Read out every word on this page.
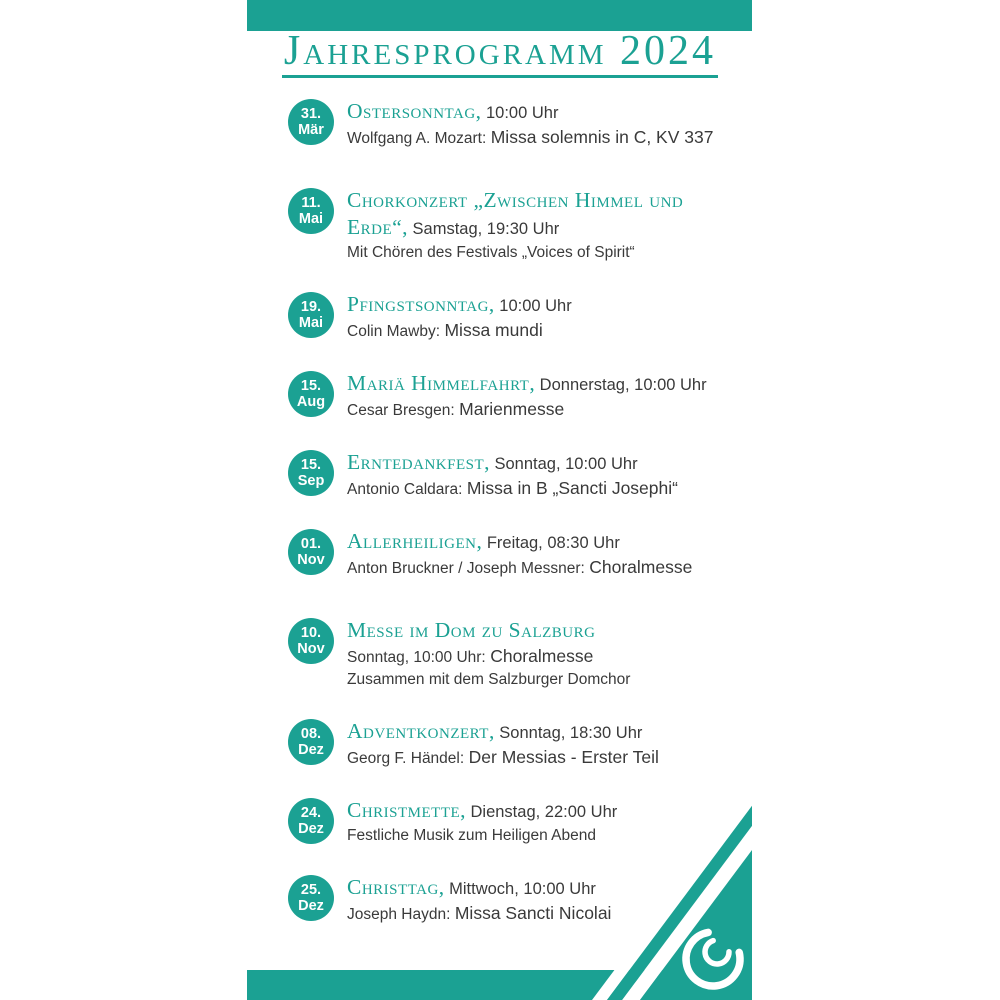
Jahresprogramm 2024
31.
Mär
Ostersonntag, 10:00 Uhr
Wolfgang A. Mozart: Missa solemnis in C, KV 337
11.
Mai
Chorkonzert „Zwischen Himmel und Erde“, Samstag, 19:30 Uhr
Mit Chören des Festivals „Voices of Spirit“
19.
Mai
Pfingstsonntag, 10:00 Uhr
Colin Mawby: Missa mundi
15.
Aug
Mariä Himmelfahrt, Donnerstag, 10:00 Uhr
Cesar Bresgen: Marienmesse
15.
Sep
Erntedankfest, Sonntag, 10:00 Uhr
Antonio Caldara: Missa in B „Sancti Josephi“
01.
Nov
Allerheiligen, Freitag, 08:30 Uhr
Anton Bruckner / Joseph Messner: Choralmesse
10.
Nov
Messe im Dom zu Salzburg
Sonntag, 10:00 Uhr: Choralmesse
Zusammen mit dem Salzburger Domchor
08.
Dez
Adventkonzert, Sonntag, 18:30 Uhr
Georg F. Händel: Der Messias - Erster Teil
24.
Dez
Christmette, Dienstag, 22:00 Uhr
Festliche Musik zum Heiligen Abend
25.
Dez
Christtag, Mittwoch, 10:00 Uhr
Joseph Haydn: Missa Sancti Nicolai
